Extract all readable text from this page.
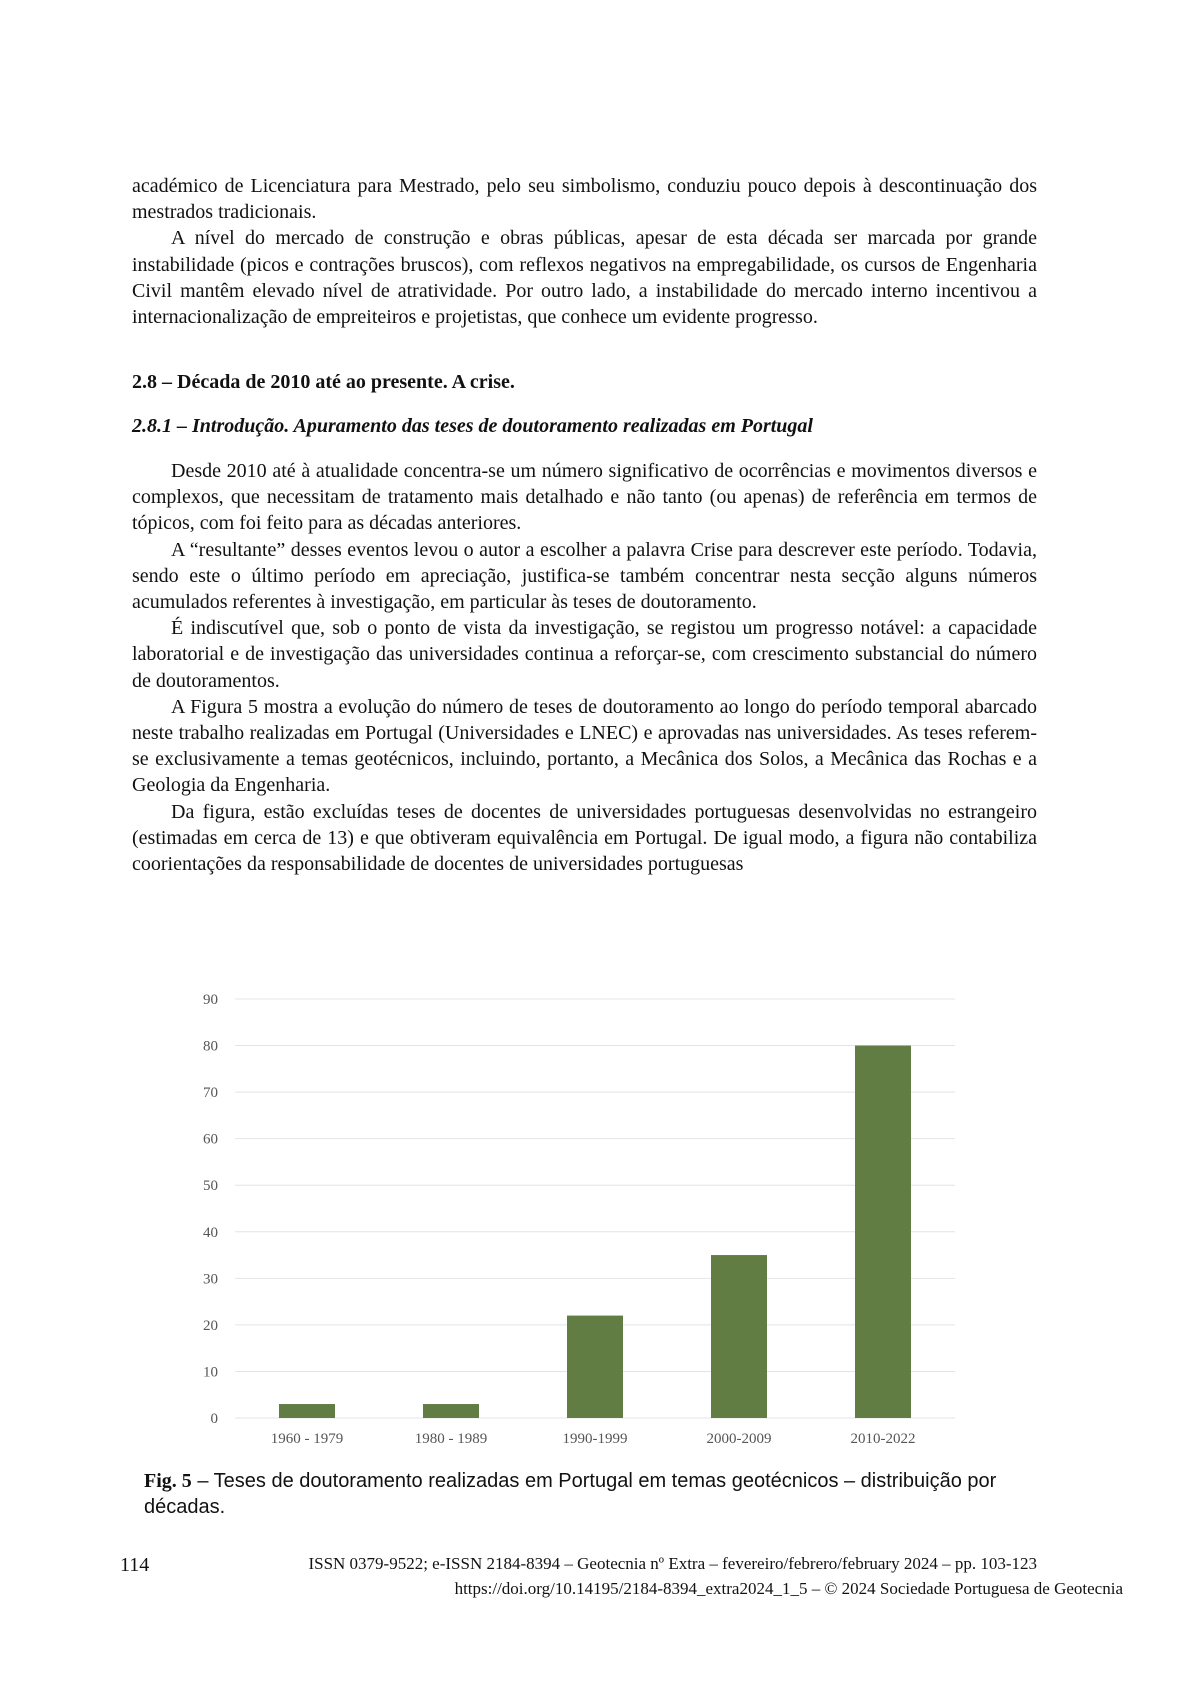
académico de Licenciatura para Mestrado, pelo seu simbolismo, conduziu pouco depois à descontinuação dos mestrados tradicionais.

A nível do mercado de construção e obras públicas, apesar de esta década ser marcada por grande instabilidade (picos e contrações bruscos), com reflexos negativos na empregabilidade, os cursos de Engenharia Civil mantêm elevado nível de atratividade. Por outro lado, a instabilidade do mercado interno incentivou a internacionalização de empreiteiros e projetistas, que conhece um evidente progresso.

2.8 – Década de 2010 até ao presente. A crise.
2.8.1 – Introdução. Apuramento das teses de doutoramento realizadas em Portugal

Desde 2010 até à atualidade concentra-se um número significativo de ocorrências e movimentos diversos e complexos, que necessitam de tratamento mais detalhado e não tanto (ou apenas) de referência em termos de tópicos, com foi feito para as décadas anteriores.

A “resultante” desses eventos levou o autor a escolher a palavra Crise para descrever este período. Todavia, sendo este o último período em apreciação, justifica-se também concentrar nesta secção alguns números acumulados referentes à investigação, em particular às teses de doutoramento.

É indiscutível que, sob o ponto de vista da investigação, se registou um progresso notável: a capacidade laboratorial e de investigação das universidades continua a reforçar-se, com crescimento substancial do número de doutoramentos.

A Figura 5 mostra a evolução do número de teses de doutoramento ao longo do período temporal abarcado neste trabalho realizadas em Portugal (Universidades e LNEC) e aprovadas nas universidades. As teses referem-se exclusivamente a temas geotécnicos, incluindo, portanto, a Mecânica dos Solos, a Mecânica das Rochas e a Geologia da Engenharia.

Da figura, estão excluídas teses de docentes de universidades portuguesas desenvolvidas no estrangeiro (estimadas em cerca de 13) e que obtiveram equivalência em Portugal. De igual modo, a figura não contabiliza coorientações da responsabilidade de docentes de universidades portuguesas

0
10
20
30
40
50
60
70
80
90
1960 - 1979	1980 - 1989	1990-1999	2000-2009	2010-2022
Fig. 5 – Teses de doutoramento realizadas em Portugal em temas geotécnicos – distribuição por décadas.
114	ISSN 0379-9522; e-ISSN 2184-8394 – Geotecnia nº Extra – fevereiro/febrero/february 2024 – pp. 103-123
https://doi.org/10.14195/2184-8394_extra2024_1_5 – © 2024 Sociedade Portuguesa de Geotecnia
